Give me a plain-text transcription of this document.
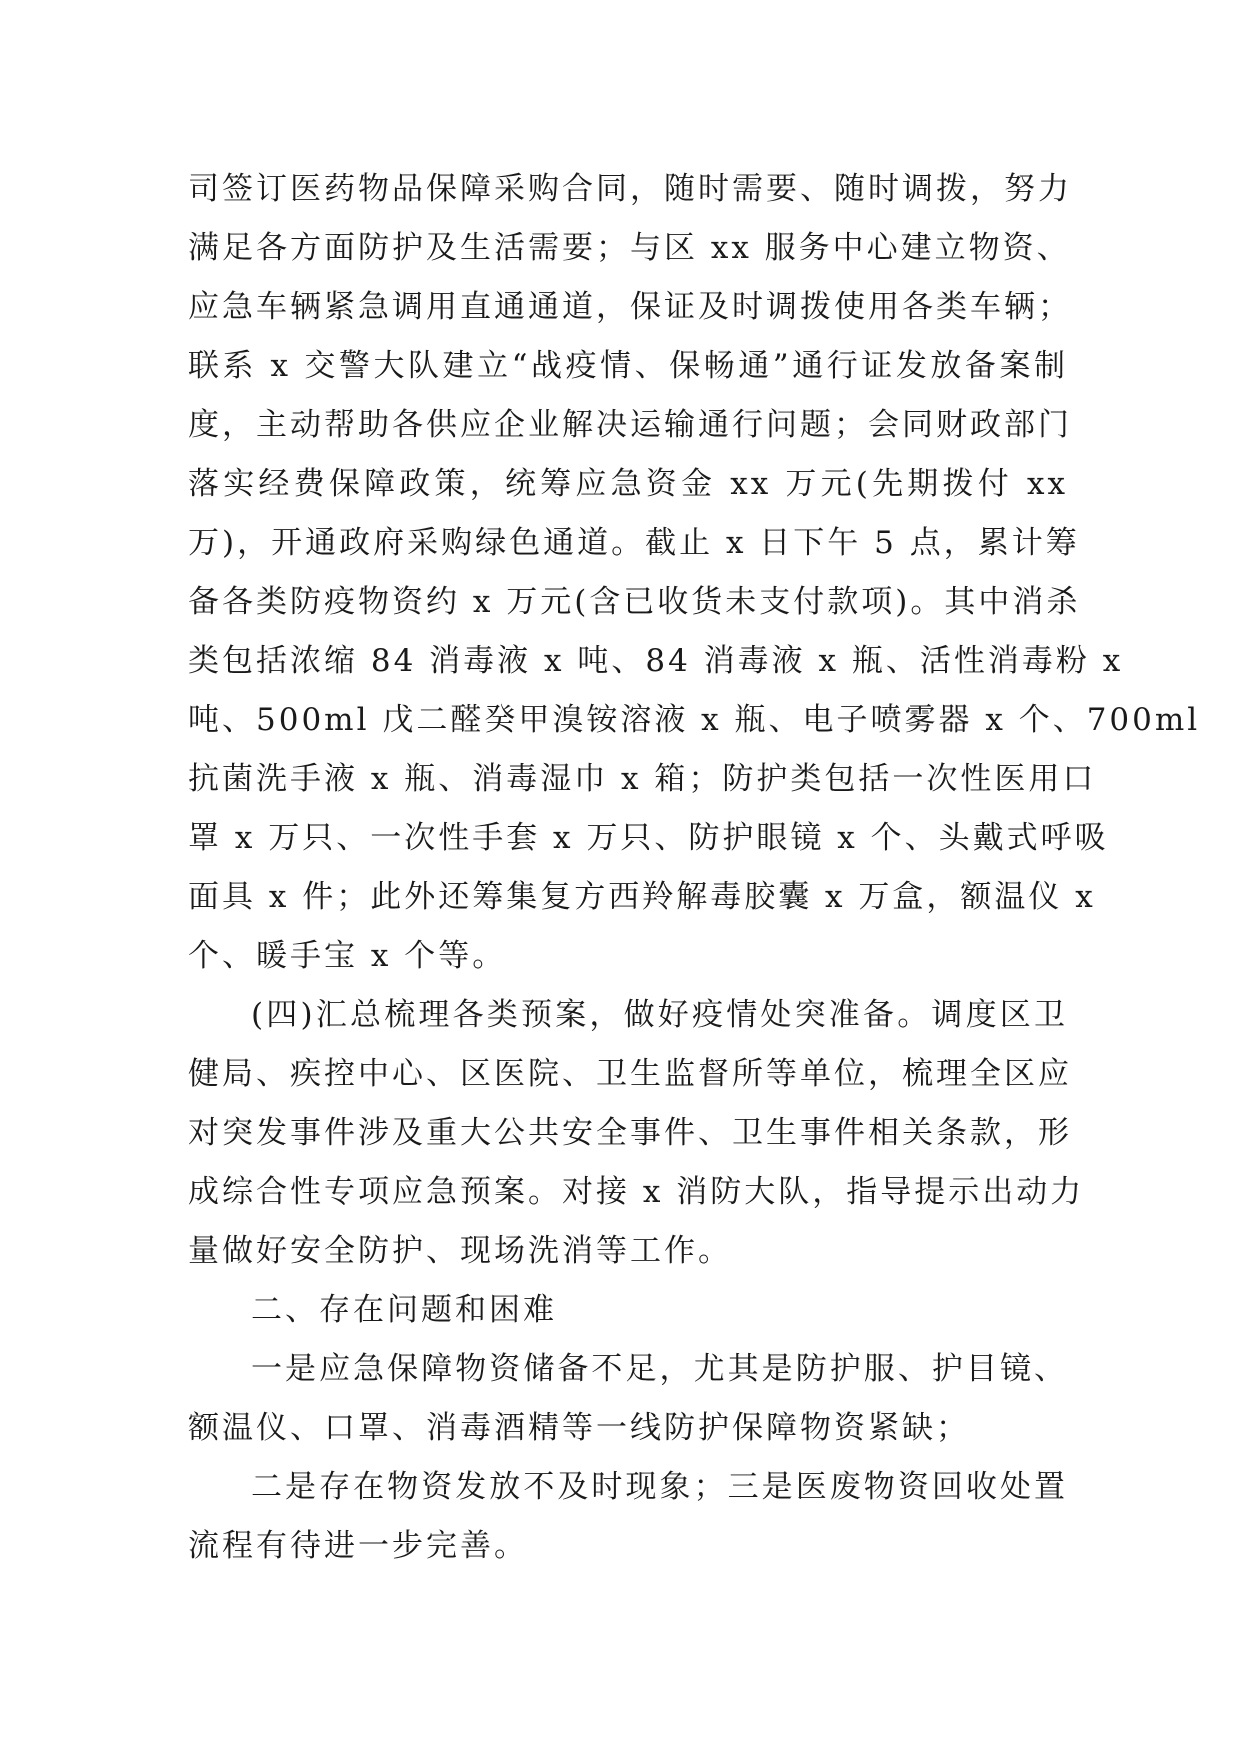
司签订医药物品保障采购合同，随时需要、随时调拨，努力
满足各方面防护及生活需要；与区 xx 服务中心建立物资、
应急车辆紧急调用直通通道，保证及时调拨使用各类车辆；
联系 x 交警大队建立“战疫情、保畅通”通行证发放备案制
度，主动帮助各供应企业解决运输通行问题；会同财政部门
落实经费保障政策，统筹应急资金 xx 万元(先期拨付 xx
万)，开通政府采购绿色通道。截止 x 日下午 5 点，累计筹
备各类防疫物资约 x 万元(含已收货未支付款项)。其中消杀
类包括浓缩 84 消毒液 x 吨、84 消毒液 x 瓶、活性消毒粉 x
吨、500ml 戊二醛癸甲溴铵溶液 x 瓶、电子喷雾器 x 个、700ml
抗菌洗手液 x 瓶、消毒湿巾 x 箱；防护类包括一次性医用口
罩 x 万只、一次性手套 x 万只、防护眼镜 x 个、头戴式呼吸
面具 x 件；此外还筹集复方西羚解毒胶囊 x 万盒，额温仪 x
个、暖手宝 x 个等。
(四)汇总梳理各类预案，做好疫情处突准备。调度区卫
健局、疾控中心、区医院、卫生监督所等单位，梳理全区应
对突发事件涉及重大公共安全事件、卫生事件相关条款，形
成综合性专项应急预案。对接 x 消防大队，指导提示出动力
量做好安全防护、现场洗消等工作。
二、存在问题和困难
一是应急保障物资储备不足，尤其是防护服、护目镜、
额温仪、口罩、消毒酒精等一线防护保障物资紧缺；
二是存在物资发放不及时现象；三是医废物资回收处置
流程有待进一步完善。
